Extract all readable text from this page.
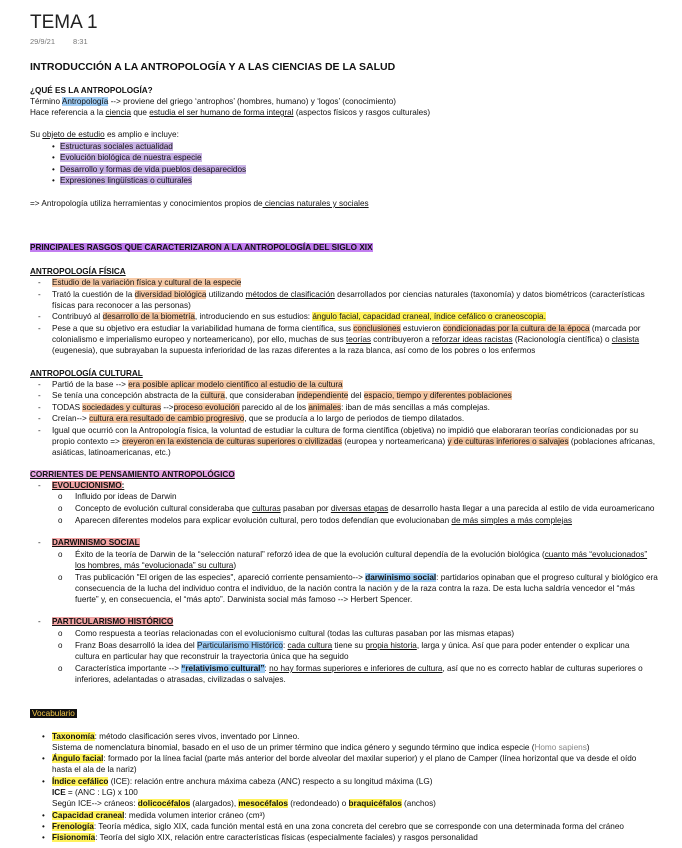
TEMA 1
29/9/21 8:31
INTRODUCCIÓN A LA ANTROPOLOGÍA Y A LAS CIENCIAS DE LA SALUD
¿QUÉ ES LA ANTROPOLOGÍA?
Término Antropología --> proviene del griego ‘antrophos’ (hombres, humano) y ‘logos’ (conocimiento)
Hace referencia a la ciencia que estudia el ser humano de forma integral (aspectos físicos y rasgos culturales)
Su objeto de estudio es amplio e incluye:
• Estructuras sociales actualidad
• Evolución biológica de nuestra especie
• Desarrollo y formas de vida pueblos desaparecidos
• Expresiones lingüísticas o culturales
=> Antropología utiliza herramientas y conocimientos propios de ciencias naturales y sociales
PRINCIPALES RASGOS QUE CARACTERIZARON A LA ANTROPOLOGÍA DEL SIGLO XIX
ANTROPOLOGÍA FÍSICA
- Estudio de la variación física y cultural de la especie
- Trató la cuestión de la diversidad biológica utilizando métodos de clasificación desarrollados por ciencias naturales (taxonomía) y datos biométricos (características
físicas para reconocer a las personas)
- Contribuyó al desarrollo de la biometría, introduciendo en sus estudios: ángulo facial, capacidad craneal, índice cefálico o craneoscopia.
- Pese a que su objetivo era estudiar la variabilidad humana de forma científica, sus conclusiones estuvieron condicionadas por la cultura de la época (marcada por
colonialismo e imperialismo europeo y norteamericano), por ello, muchas de sus teorías contribuyeron a reforzar ideas racistas (Racionología científica) o clasista
(eugenesia), que subrayaban la supuesta inferioridad de las razas diferentes a la raza blanca, así como de los pobres o los enfermos
ANTROPOLOGÍA CULTURAL
- Partió de la base --> era posible aplicar modelo científico al estudio de la cultura
- Se tenía una concepción abstracta de la cultura, que consideraban independiente del espacio, tiempo y diferentes poblaciones
- TODAS sociedades y culturas -->proceso evolución parecido al de los animales: iban de más sencillas a más complejas.
- Creían--> cultura era resultado de cambio progresivo, que se producía a lo largo de periodos de tiempo dilatados.
- Igual que ocurrió con la Antropología física, la voluntad de estudiar la cultura de forma científica (objetiva) no impidió que elaboraran teorías condicionadas por su
propio contexto => creyeron en la existencia de culturas superiores o civilizadas (europea y norteamericana) y de culturas inferiores o salvajes (poblaciones africanas,
asiáticas, latinoamericanas, etc.)
CORRIENTES DE PENSAMIENTO ANTROPOLÓGICO
- EVOLUCIONISMO:
o Influido por ideas de Darwin
o Concepto de evolución cultural consideraba que culturas pasaban por diversas etapas de desarrollo hasta llegar a una parecida al estilo de vida euroamericano
o Aparecen diferentes modelos para explicar evolución cultural, pero todos defendían que evolucionaban de más simples a más complejas
- DARWINISMO SOCIAL
o Éxito de la teoría de Darwin de la “selección natural” reforzó idea de que la evolución cultural dependía de la evolución biológica (cuanto más “evolucionados”
los hombres, más “evolucionada” su cultura)
o Tras publicación "El origen de las especies", apareció corriente pensamiento--> darwinismo social: partidarios opinaban que el progreso cultural y biológico era
consecuencia de la lucha del individuo contra el individuo, de la nación contra la nación y de la raza contra la raza. De esta lucha saldría vencedor el “más
fuerte” y, en consecuencia, el “más apto”. Darwinista social más famoso --> Herbert Spencer.
- PARTICULARISMO HISTÓRICO
o Como respuesta a teorías relacionadas con el evolucionismo cultural (todas las culturas pasaban por las mismas etapas)
o Franz Boas desarrolló la idea del Particularismo Histórico: cada cultura tiene su propia historia, larga y única. Así que para poder entender o explicar una
cultura en particular hay que reconstruir la trayectoria única que ha seguido
o Característica importante --> “relativismo cultural”: no hay formas superiores e inferiores de cultura, así que no es correcto hablar de culturas superiores o
inferiores, adelantadas o atrasadas, civilizadas o salvajes.
Vocabulario
• Taxonomía: método clasificación seres vivos, inventado por Linneo.
Sistema de nomenclatura binomial, basado en el uso de un primer término que indica género y segundo término que indica especie (Homo sapiens)
• Ángulo facial: formado por la línea facial (parte más anterior del borde alveolar del maxilar superior) y el plano de Camper (línea horizontal que va desde el oído
hasta el ala de la nariz)
• Índice cefálico (ICE): relación entre anchura máxima cabeza (ANC) respecto a su longitud máxima (LG)
ICE = (ANC : LG) x 100
Según ICE--> cráneos: dolicocéfalos (alargados), mesocéfalos (redondeado) o braquicéfalos (anchos)
• Capacidad craneal: medida volumen interior cráneo (cm³)
• Frenología: Teoría médica, siglo XIX, cada función mental está en una zona concreta del cerebro que se corresponde con una determinada forma del cráneo
• Fisionomía: Teoría del siglo XIX, relación entre características físicas (especialmente faciales) y rasgos personalidad
